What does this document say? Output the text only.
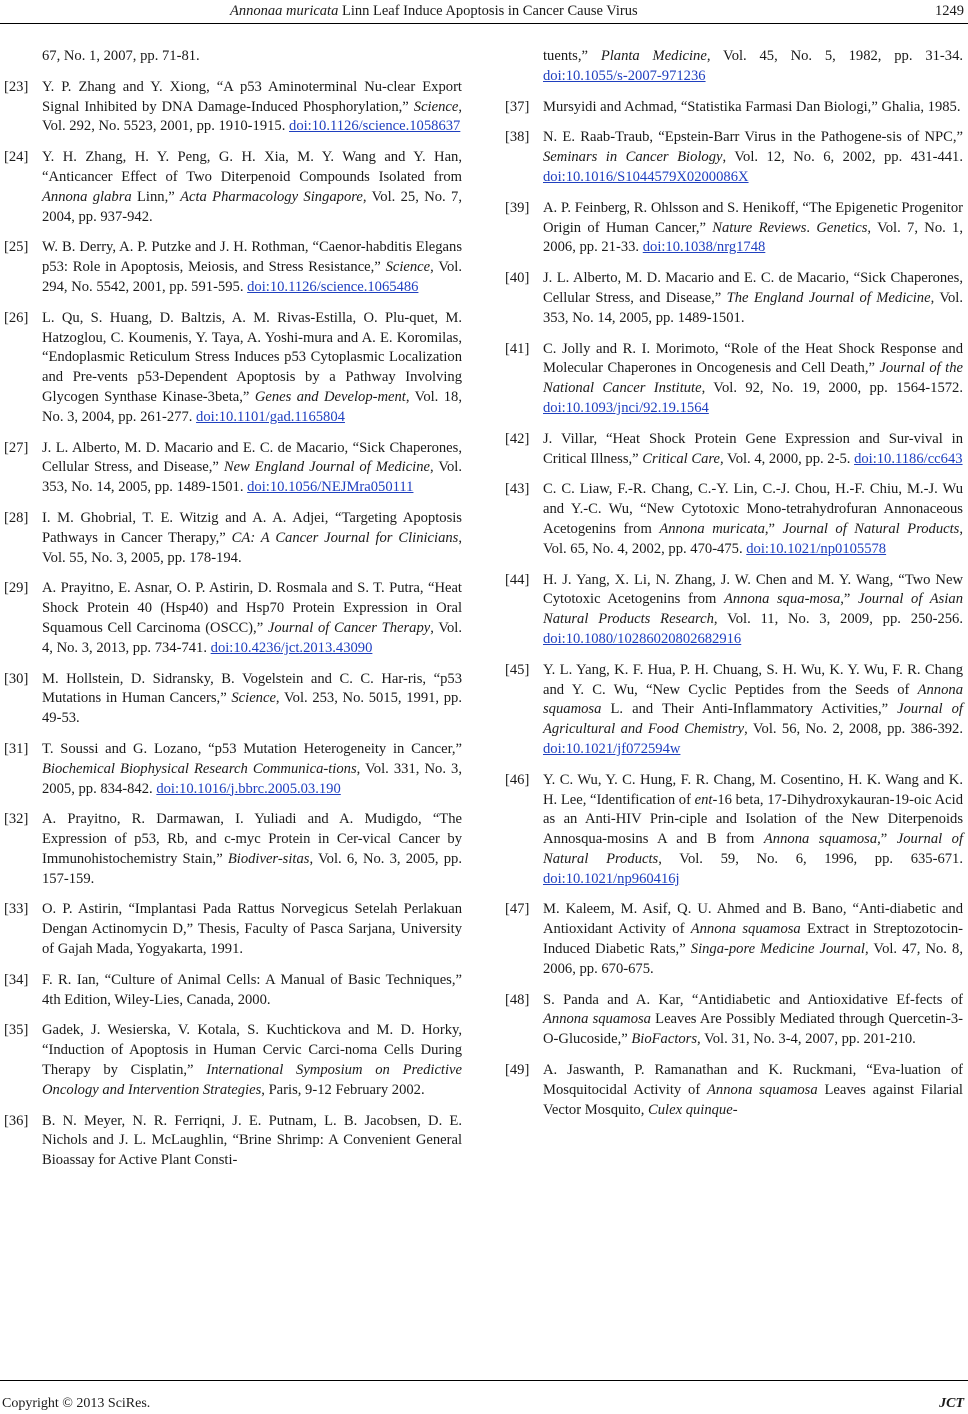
Annonaa muricata Linn Leaf Induce Apoptosis in Cancer Cause Virus	1249
67, No. 1, 2007, pp. 71-81.
[23] Y. P. Zhang and Y. Xiong, “A p53 Aminoterminal Nu-clear Export Signal Inhibited by DNA Damage-Induced Phosphorylation,” Science, Vol. 292, No. 5523, 2001, pp. 1910-1915. doi:10.1126/science.1058637
[24] Y. H. Zhang, H. Y. Peng, G. H. Xia, M. Y. Wang and Y. Han, “Anticancer Effect of Two Diterpenoid Compounds Isolated from Annona glabra Linn,” Acta Pharmacology Singapore, Vol. 25, No. 7, 2004, pp. 937-942.
[25] W. B. Derry, A. P. Putzke and J. H. Rothman, “Caenor-habditis Elegans p53: Role in Apoptosis, Meiosis, and Stress Resistance,” Science, Vol. 294, No. 5542, 2001, pp. 591-595. doi:10.1126/science.1065486
[26] L. Qu, S. Huang, D. Baltzis, A. M. Rivas-Estilla, O. Plu-quet, M. Hatzoglou, C. Koumenis, Y. Taya, A. Yoshi-mura and A. E. Koromilas, “Endoplasmic Reticulum Stress Induces p53 Cytoplasmic Localization and Pre-vents p53-Dependent Apoptosis by a Pathway Involving Glycogen Synthase Kinase-3beta,” Genes and Develop-ment, Vol. 18, No. 3, 2004, pp. 261-277. doi:10.1101/gad.1165804
[27] J. L. Alberto, M. D. Macario and E. C. de Macario, “Sick Chaperones, Cellular Stress, and Disease,” New England Journal of Medicine, Vol. 353, No. 14, 2005, pp. 1489-1501. doi:10.1056/NEJMra050111
[28] I. M. Ghobrial, T. E. Witzig and A. A. Adjei, “Targeting Apoptosis Pathways in Cancer Therapy,” CA: A Cancer Journal for Clinicians, Vol. 55, No. 3, 2005, pp. 178-194.
[29] A. Prayitno, E. Asnar, O. P. Astirin, D. Rosmala and S. T. Putra, “Heat Shock Protein 40 (Hsp40) and Hsp70 Protein Expression in Oral Squamous Cell Carcinoma (OSCC),” Journal of Cancer Therapy, Vol. 4, No. 3, 2013, pp. 734-741. doi:10.4236/jct.2013.43090
[30] M. Hollstein, D. Sidransky, B. Vogelstein and C. C. Har-ris, “p53 Mutations in Human Cancers,” Science, Vol. 253, No. 5015, 1991, pp. 49-53.
[31] T. Soussi and G. Lozano, “p53 Mutation Heterogeneity in Cancer,” Biochemical Biophysical Research Communica-tions, Vol. 331, No. 3, 2005, pp. 834-842. doi:10.1016/j.bbrc.2005.03.190
[32] A. Prayitno, R. Darmawan, I. Yuliadi and A. Mudigdo, “The Expression of p53, Rb, and c-myc Protein in Cer-vical Cancer by Immunohistochemistry Stain,” Biodiver-sitas, Vol. 6, No. 3, 2005, pp. 157-159.
[33] O. P. Astirin, “Implantasi Pada Rattus Norvegicus Setelah Perlakuan Dengan Actinomycin D,” Thesis, Faculty of Pasca Sarjana, University of Gajah Mada, Yogyakarta, 1991.
[34] F. R. Ian, “Culture of Animal Cells: A Manual of Basic Techniques,” 4th Edition, Wiley-Lies, Canada, 2000.
[35] Gadek, J. Wesierska, V. Kotala, S. Kuchtickova and M. D. Horky, “Induction of Apoptosis in Human Cervic Carci-noma Cells During Therapy by Cisplatin,” International Symposium on Predictive Oncology and Intervention Strategies, Paris, 9-12 February 2002.
[36] B. N. Meyer, N. R. Ferriqni, J. E. Putnam, L. B. Jacobsen, D. E. Nichols and J. L. McLaughlin, “Brine Shrimp: A Convenient General Bioassay for Active Plant Consti-
tuents,” Planta Medicine, Vol. 45, No. 5, 1982, pp. 31-34. doi:10.1055/s-2007-971236
[37] Mursyidi and Achmad, “Statistika Farmasi Dan Biologi,” Ghalia, 1985.
[38] N. E. Raab-Traub, “Epstein-Barr Virus in the Pathogene-sis of NPC,” Seminars in Cancer Biology, Vol. 12, No. 6, 2002, pp. 431-441. doi:10.1016/S1044579X0200086X
[39] A. P. Feinberg, R. Ohlsson and S. Henikoff, “The Epigenetic Progenitor Origin of Human Cancer,” Nature Reviews. Genetics, Vol. 7, No. 1, 2006, pp. 21-33. doi:10.1038/nrg1748
[40] J. L. Alberto, M. D. Macario and E. C. de Macario, “Sick Chaperones, Cellular Stress, and Disease,” The England Journal of Medicine, Vol. 353, No. 14, 2005, pp. 1489-1501.
[41] C. Jolly and R. I. Morimoto, “Role of the Heat Shock Response and Molecular Chaperones in Oncogenesis and Cell Death,” Journal of the National Cancer Institute, Vol. 92, No. 19, 2000, pp. 1564-1572. doi:10.1093/jnci/92.19.1564
[42] J. Villar, “Heat Shock Protein Gene Expression and Sur-vival in Critical Illness,” Critical Care, Vol. 4, 2000, pp. 2-5. doi:10.1186/cc643
[43] C. C. Liaw, F.-R. Chang, C.-Y. Lin, C.-J. Chou, H.-F. Chiu, M.-J. Wu and Y.-C. Wu, “New Cytotoxic Mono-tetrahydrofuran Annonaceous Acetogenins from Annona muricata,” Journal of Natural Products, Vol. 65, No. 4, 2002, pp. 470-475. doi:10.1021/np0105578
[44] H. J. Yang, X. Li, N. Zhang, J. W. Chen and M. Y. Wang, “Two New Cytotoxic Acetogenins from Annona squa-mosa,” Journal of Asian Natural Products Research, Vol. 11, No. 3, 2009, pp. 250-256. doi:10.1080/10286020802682916
[45] Y. L. Yang, K. F. Hua, P. H. Chuang, S. H. Wu, K. Y. Wu, F. R. Chang and Y. C. Wu, “New Cyclic Peptides from the Seeds of Annona squamosa L. and Their Anti-Inflammatory Activities,” Journal of Agricultural and Food Chemistry, Vol. 56, No. 2, 2008, pp. 386-392. doi:10.1021/jf072594w
[46] Y. C. Wu, Y. C. Hung, F. R. Chang, M. Cosentino, H. K. Wang and K. H. Lee, “Identification of ent-16 beta, 17-Dihydroxykauran-19-oic Acid as an Anti-HIV Prin-ciple and Isolation of the New Diterpenoids Annosqua-mosins A and B from Annona squamosa,” Journal of Natural Products, Vol. 59, No. 6, 1996, pp. 635-671. doi:10.1021/np960416j
[47] M. Kaleem, M. Asif, Q. U. Ahmed and B. Bano, “Anti-diabetic and Antioxidant Activity of Annona squamosa Extract in Streptozotocin-Induced Diabetic Rats,” Singa-pore Medicine Journal, Vol. 47, No. 8, 2006, pp. 670-675.
[48] S. Panda and A. Kar, “Antidiabetic and Antioxidative Ef-fects of Annona squamosa Leaves Are Possibly Mediated through Quercetin-3-O-Glucoside,” BioFactors, Vol. 31, No. 3-4, 2007, pp. 201-210.
[49] A. Jaswanth, P. Ramanathan and K. Ruckmani, “Eva-luation of Mosquitocidal Activity of Annona squamosa Leaves against Filarial Vector Mosquito, Culex quinque-
Copyright © 2013 SciRes.	JCT
